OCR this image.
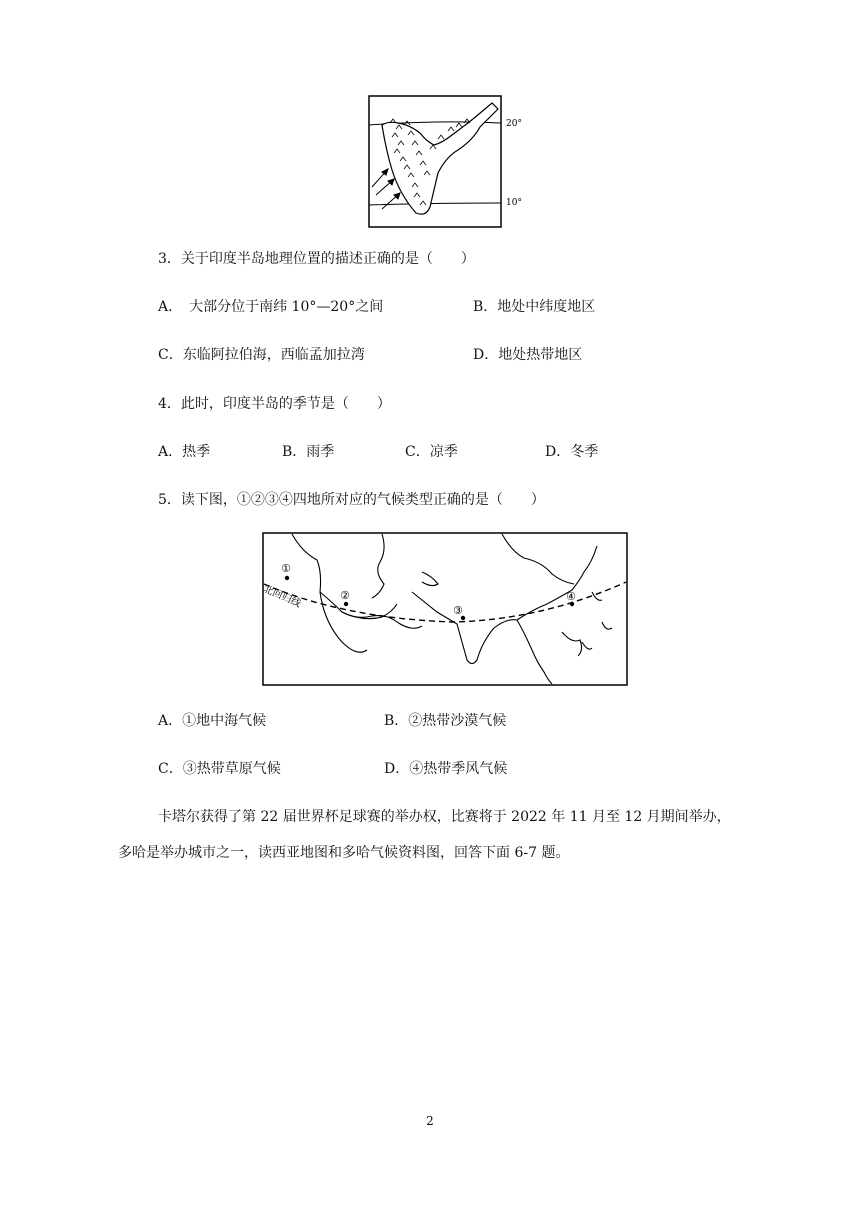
20°
10°
3．关于印度半岛地理位置的描述正确的是（　　）
A．　大部分位于南纬 10°—20°之间	B．地处中纬度地区
C．东临阿拉伯海，西临孟加拉湾	D．地处热带地区
4．此时，印度半岛的季节是（　　）
A．热季	B．雨季	C．凉季	D．冬季
5．读下图，①②③④四地所对应的气候类型正确的是（　　）
北回归线
①
②
③
④
A．①地中海气候	B．②热带沙漠气候
C．③热带草原气候	D．④热带季风气候
卡塔尔获得了第 22 届世界杯足球赛的举办权，比赛将于 2022 年 11 月至 12 月期间举办，
多哈是举办城市之一，读西亚地图和多哈气候资料图，回答下面 6-7 题。
2
